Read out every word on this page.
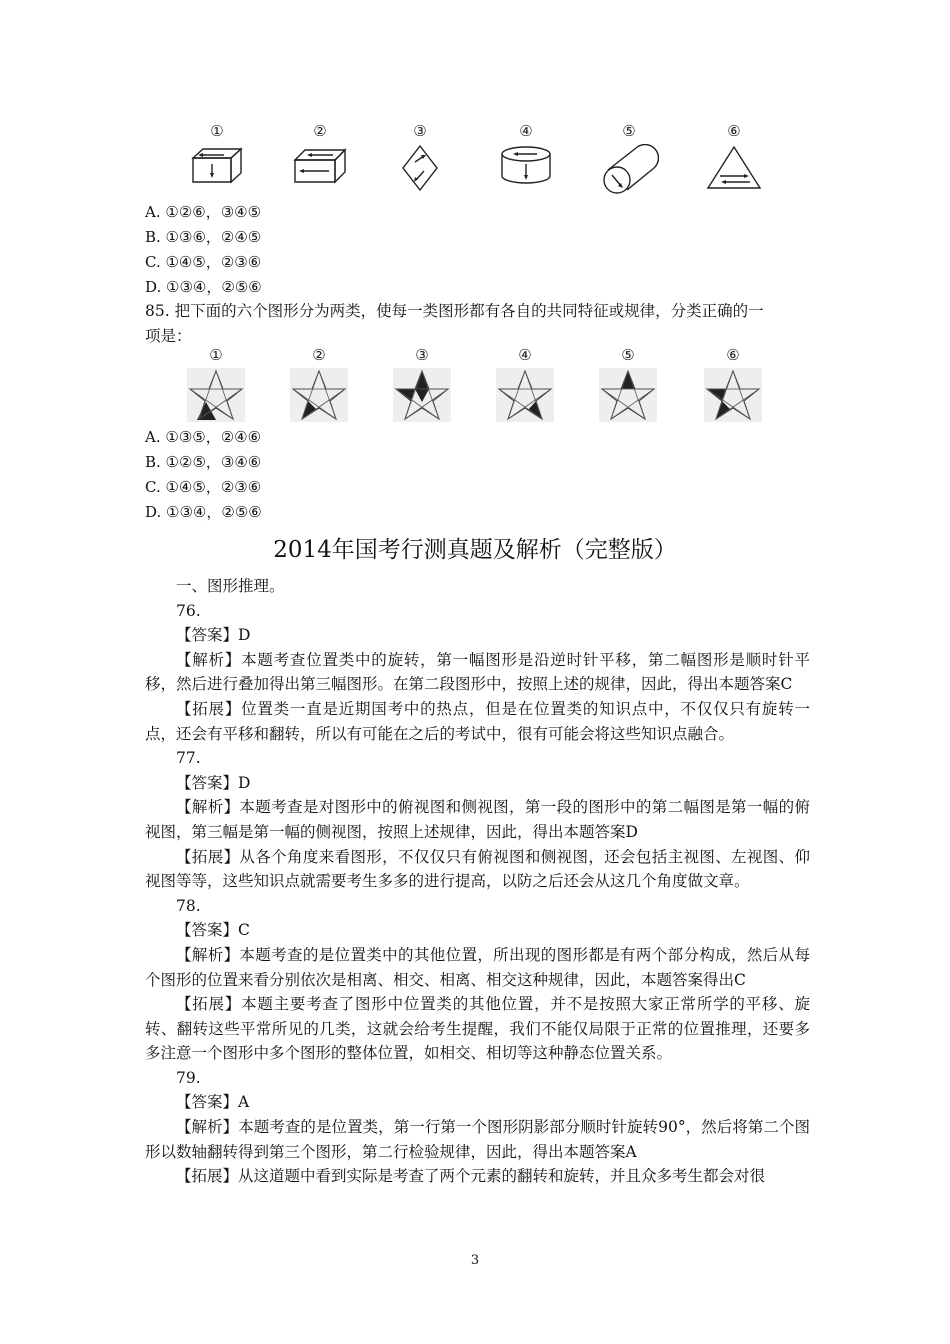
①	②	③	④	⑤	⑥
A. ①②⑥，③④⑤
B. ①③⑥，②④⑤
C. ①④⑤，②③⑥
D. ①③④，②⑤⑥
85. 把下面的六个图形分为两类，使每一类图形都有各自的共同特征或规律，分类正确的一
项是：
①	②	③	④	⑤	⑥
A. ①③⑤，②④⑥
B. ①②⑤，③④⑥
C. ①④⑤，②③⑥
D. ①③④，②⑤⑥
2014年国考行测真题及解析（完整版）

一、图形推理。

76.

【答案】D

【解析】本题考查位置类中的旋转，第一幅图形是沿逆时针平移，第二幅图形是顺时针平移，然后进行叠加得出第三幅图形。在第二段图形中，按照上述的规律，因此，得出本题答案C

【拓展】位置类一直是近期国考中的热点，但是在位置类的知识点中，不仅仅只有旋转一点，还会有平移和翻转，所以有可能在之后的考试中，很有可能会将这些知识点融合。

77.

【答案】D

【解析】本题考查是对图形中的俯视图和侧视图，第一段的图形中的第二幅图是第一幅的俯视图，第三幅是第一幅的侧视图，按照上述规律，因此，得出本题答案D

【拓展】从各个角度来看图形，不仅仅只有俯视图和侧视图，还会包括主视图、左视图、仰视图等等，这些知识点就需要考生多多的进行提高，以防之后还会从这几个角度做文章。

78.

【答案】C

【解析】本题考查的是位置类中的其他位置，所出现的图形都是有两个部分构成，然后从每个图形的位置来看分别依次是相离、相交、相离、相交这种规律，因此，本题答案得出C

【拓展】本题主要考查了图形中位置类的其他位置，并不是按照大家正常所学的平移、旋转、翻转这些平常所见的几类，这就会给考生提醒，我们不能仅局限于正常的位置推理，还要多多注意一个图形中多个图形的整体位置，如相交、相切等这种静态位置关系。

79.

【答案】A

【解析】本题考查的是位置类，第一行第一个图形阴影部分顺时针旋转90°，然后将第二个图形以数轴翻转得到第三个图形，第二行检验规律，因此，得出本题答案A

【拓展】从这道题中看到实际是考查了两个元素的翻转和旋转，并且众多考生都会对很

3
